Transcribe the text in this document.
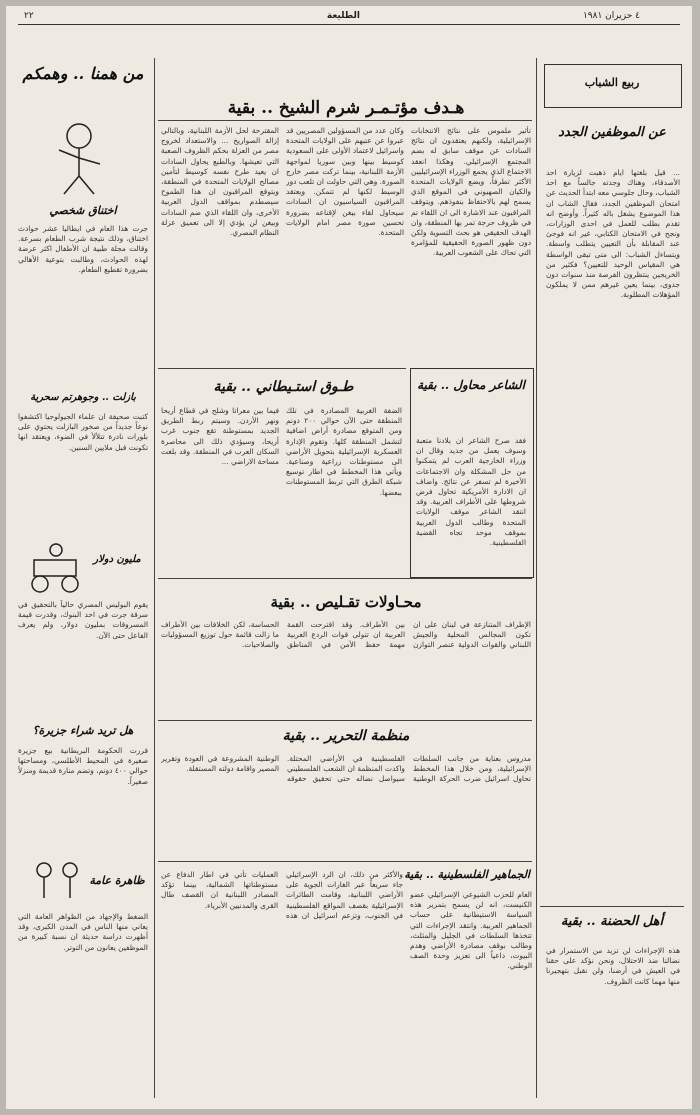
٤ حزيران ١٩٨١
الطليعة
٢٢
هـدف مؤتـمـر شرم الشيخ .. بقية
تأثير ملموس على نتائج الانتخابات الإسرائيلية، ولكنهم يعتقدون ان نتائج السادات عن موقف سابق له بضم المجتمع الإسرائيلي. وهكذا انعقد الاجتماع الذي يجمع الوزراء الإسرائيليين الأكثر تطرفاً، ويضع الولايات المتحدة والكيان الصهيوني في الموقع الذي يسمح لهم بالاحتفاظ بنفوذهم. ويتوقف المراقبون عند الاشارة الى ان اللقاء تم في ظروف حرجة تمر بها المنطقة، وان الهدف الحقيقي هو بحث التسوية ولكن دون ظهور الصورة الحقيقية للمؤامرة التي تحاك على الشعوب العربية.
وكان عدد من المسؤولين المصريين قد عبروا عن عتبهم على الولايات المتحدة واسرائيل لاعتماد الأولى على السعودية كوسيط بينها وبين سوريا لمواجهة الأزمة اللبنانية، بينما تركت مصر خارج الصورة. وهي التي حاولت ان تلعب دور الوسيط لكنها لم تتمكن. ويعتقد المراقبون السياسيون ان السادات سيحاول لقاء بيغن لإقناعه بضرورة تحسين صورة مصر امام الولايات المتحدة.
المقترحة لحل الأزمة اللبنانية، وبالتالي إزالة الصواريخ ... والاستعداد لخروج مصر من العزلة بحكم الظروف الصعبة التي تعيشها. وبالطبع يحاول السادات ان يعيد طرح نفسه كوسيط لتأمين مصالح الولايات المتحدة في المنطقة، ويتوقع المراقبون ان هذا الطموح سيصطدم بمواقف الدول العربية الأخرى، وان اللقاء الذي ضم السادات وبيغن لن يؤدي إلا الى تعميق عزلة النظام المصري.
طـوق استـيطاني .. بقية
الضفة الغربية المصادرة في تلك المنطقة حتى الآن حوالي ٢٠٠ دونم ومن المتوقع مصادرة أراض اضافية لتشمل المنطقة كلها. وتقوم الإدارة العسكرية الإسرائيلية بتحويل الأراضي الى مستوطنات زراعية وصناعية. ويأتي هذا المخطط في اطار توسيع شبكة الطرق التي تربط المستوطنات ببعضها.
فيما بين معراتا وشلح في قطاع أريحا ونهر الأردن. وسيتم ربط الطريق الجديد بمستوطنة تقع جنوب غرب أريحا، وسيؤدي ذلك الى محاصرة السكان العرب في المنطقة. وقد بلغت مساحة الاراضي ...
الشاعر محاول .. بقية
فقد صرح الشاعر ان بلادنا متعبة وسوف يعمل من جديد وقال ان وزراء الخارجية العرب لم يتمكنوا من حل المشكلة وان الاجتماعات الأخيرة لم تسفر عن نتائج. واضاف ان الادارة الأمريكية تحاول فرض شروطها على الأطراف العربية. وقد انتقد الشاعر موقف الولايات المتحدة وطالب الدول العربية بموقف موحد تجاه القضية الفلسطينية.
محـاولات تقـليص .. بقية
الإطراف المتنازعة في لبنان على ان تكون المجالس المحلية والجيش اللبناني والقوات الدولية عنصر التوازن بين الأطراف. وقد اقترحت القمة العربية ان تتولى قوات الردع العربية مهمة حفظ الأمن في المناطق الحساسة، لكن الخلافات بين الأطراف ما زالت قائمة حول توزيع المسؤوليات والصلاحيات.
منظمة التحرير .. بقية
مدروس بعناية من جانب السلطات الإسرائيلية، ومن خلال هذا المخطط تحاول اسرائيل ضرب الحركة الوطنية الفلسطينية في الأراضي المحتلة. واكدت المنظمة ان الشعب الفلسطيني سيواصل نضاله حتى تحقيق حقوقه الوطنية المشروعة في العودة وتقرير المصير واقامة دولته المستقلة.
الجماهير الفلسطينية .. بقية
العام للحزب الشيوعي الإسرائيلي عضو الكنيست، انه لن يسمح بتمرير هذه السياسة الاستيطانية على حساب الجماهير العربية. وانتقد الإجراءات التي تتخذها السلطات في الجليل والمثلث، وطالب بوقف مصادرة الأراضي وهدم البيوت، داعياً الى تعزيز وحدة الصف الوطني.
والأكثر من ذلك، ان الرد الإسرائيلي جاء سريعاً عبر الغارات الجوية على الأراضي اللبنانية، وقامت الطائرات الإسرائيلية بقصف المواقع الفلسطينية في الجنوب، وتزعم اسرائيل ان هذه العمليات تأتي في اطار الدفاع عن مستوطناتها الشمالية، بينما تؤكد المصادر اللبنانية ان القصف طال القرى والمدنيين الأبرياء.
ربيع الشباب
عن الموظفين الجدد
... قيل بلغتها ايام ذهبت لزيارة احد الأصدقاء، وهناك وجدته جالساً مع احد الشباب، وحال جلوسي معه ابتدأ الحديث عن امتحان الموظفين الجدد، فقال الشاب ان هذا الموضوع يشغل باله كثيراً. وأوضح انه تقدم بطلب للعمل في احدى الوزارات، ونجح في الامتحان الكتابي، غير انه فوجئ عند المقابلة بأن التعيين يتطلب واسطة. ويتساءل الشباب: الى متى تبقى الواسطة هي المقياس الوحيد للتعيين؟ فكثير من الخريجين ينتظرون الفرصة منذ سنوات دون جدوى، بينما يعين غيرهم ممن لا يملكون المؤهلات المطلوبة.
أهل الحضنة .. بقية
هذه الإجراءات لن تزيد من الاستمرار في نضالنا ضد الاحتلال، ونحن نؤكد على حقنا في العيش في أرضنا، ولن نقبل بتهجيرنا منها مهما كانت الظروف.
من همنا .. وهمكم
اختناق شخصي
جرت هذا العام في ايطاليا عشر حوادث اختناق، وذلك نتيجة شرب الطعام بسرعة. وقالت مجلة طبية ان الأطفال اكثر عرضة لهذه الحوادث، وطالبت بتوعية الأهالي بضرورة تقطيع الطعام.
بازلت .. وجوهرتم سحرية
كتبت صحيفة ان علماء الجيولوجيا اكتشفوا نوعاً جديداً من صخور البازلت يحتوي على بلورات نادرة تتلألأ في الضوء، ويعتقد انها تكونت قبل ملايين السنين.
مليون دولار
يقوم البوليس المصري حالياً بالتحقيق في سرقة جرت في احد البنوك، وقدرت قيمة المسروقات بمليون دولار، ولم يعرف الفاعل حتى الآن.
هل تريد شراء جزيرة؟
قررت الحكومة البريطانية بيع جزيرة صغيرة في المحيط الأطلسي، ومساحتها حوالي ٤٠٠ دونم، وتضم منارة قديمة ومنزلاً صغيراً.
ظاهرة عامة
الضغط والإجهاد من الظواهر العامة التي يعاني منها الناس في المدن الكبرى، وقد أظهرت دراسة حديثة ان نسبة كبيرة من الموظفين يعانون من التوتر.
